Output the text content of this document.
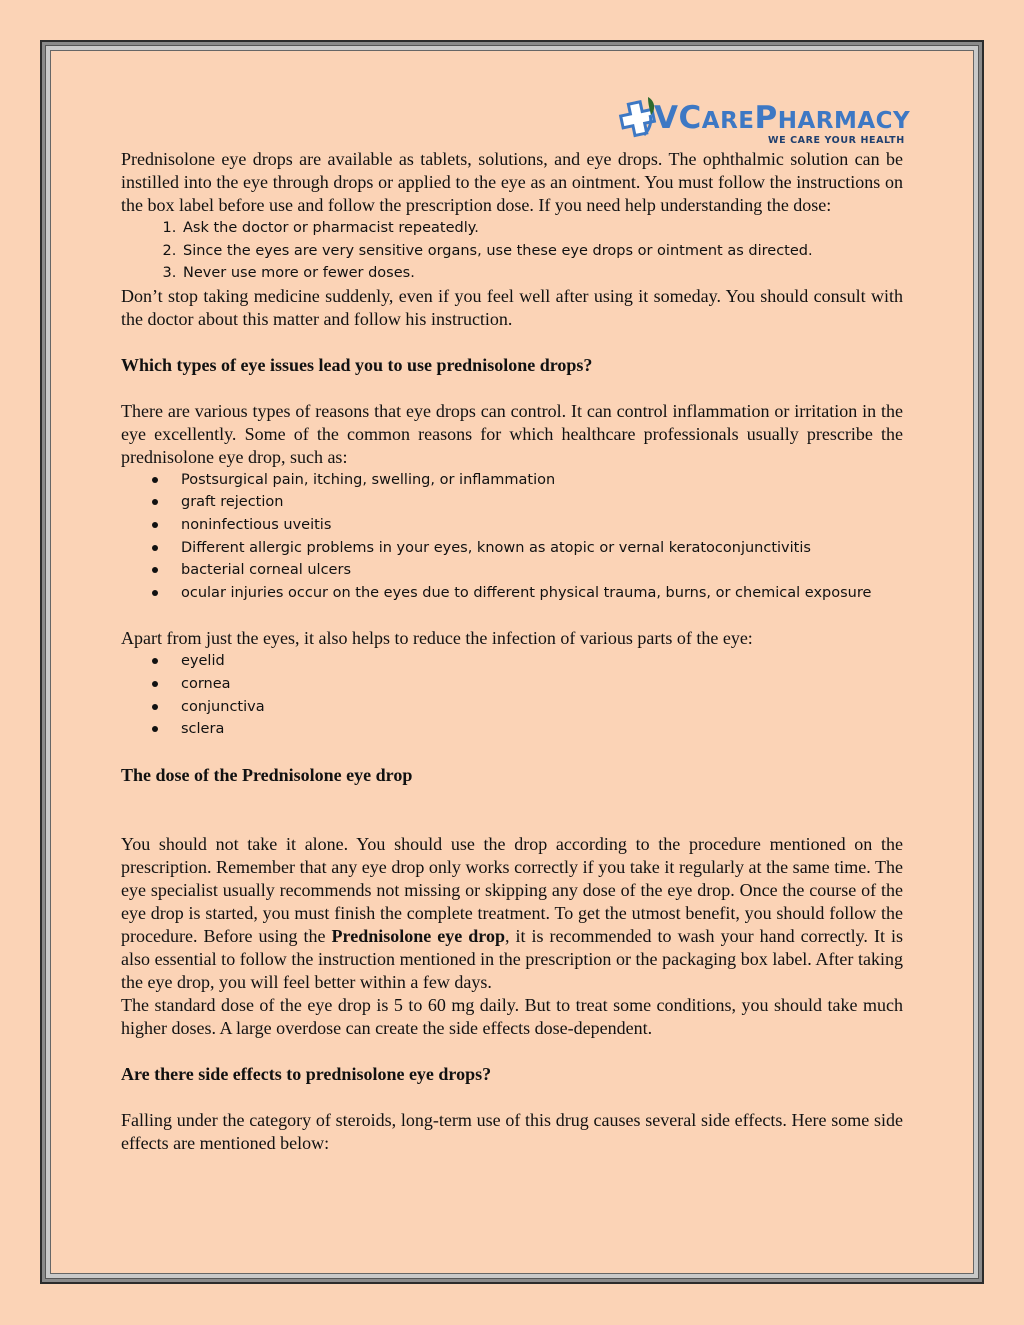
VCAREPHARMACY
WE CARE YOUR HEALTH

Prednisolone eye drops are available as tablets, solutions, and eye drops. The ophthalmic solution can be instilled into the eye through drops or applied to the eye as an ointment. You must follow the instructions on the box label before use and follow the prescription dose. If you need help understanding the dose:

1. Ask the doctor or pharmacist repeatedly.
2. Since the eyes are very sensitive organs, use these eye drops or ointment as directed.
3. Never use more or fewer doses.

Don’t stop taking medicine suddenly, even if you feel well after using it someday. You should consult with the doctor about this matter and follow his instruction.

Which types of eye issues lead you to use prednisolone drops?

There are various types of reasons that eye drops can control. It can control inflammation or irritation in the eye excellently. Some of the common reasons for which healthcare professionals usually prescribe the prednisolone eye drop, such as:

Postsurgical pain, itching, swelling, or inflammation
graft rejection
noninfectious uveitis
Different allergic problems in your eyes, known as atopic or vernal keratoconjunctivitis
bacterial corneal ulcers
ocular injuries occur on the eyes due to different physical trauma, burns, or chemical exposure

Apart from just the eyes, it also helps to reduce the infection of various parts of the eye:

eyelid
cornea
conjunctiva
sclera

The dose of the Prednisolone eye drop

You should not take it alone. You should use the drop according to the procedure mentioned on the prescription. Remember that any eye drop only works correctly if you take it regularly at the same time. The eye specialist usually recommends not missing or skipping any dose of the eye drop. Once the course of the eye drop is started, you must finish the complete treatment. To get the utmost benefit, you should follow the procedure. Before using the Prednisolone eye drop, it is recommended to wash your hand correctly. It is also essential to follow the instruction mentioned in the prescription or the packaging box label. After taking the eye drop, you will feel better within a few days.

The standard dose of the eye drop is 5 to 60 mg daily. But to treat some conditions, you should take much higher doses. A large overdose can create the side effects dose-dependent.

Are there side effects to prednisolone eye drops?

Falling under the category of steroids, long-term use of this drug causes several side effects. Here some side effects are mentioned below:
